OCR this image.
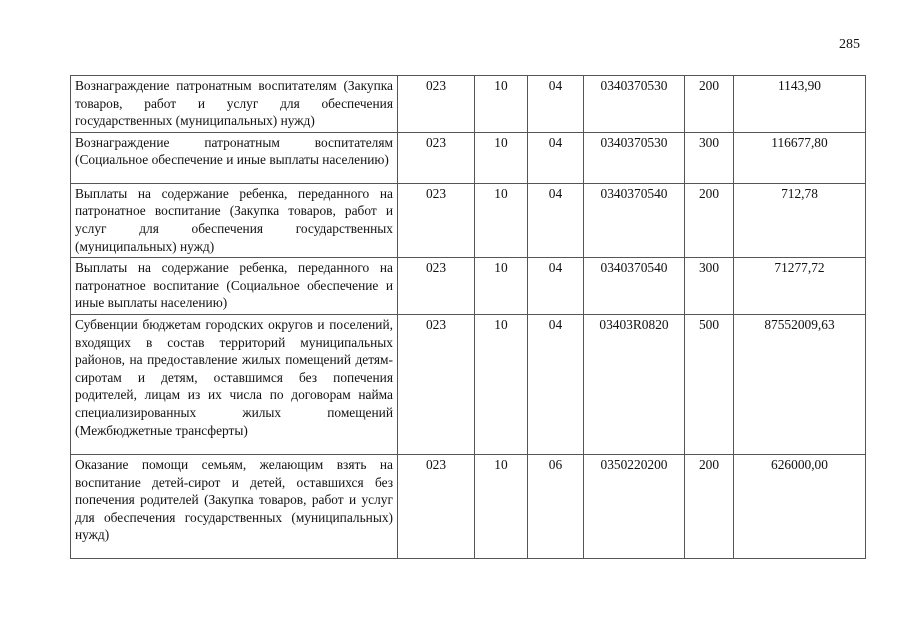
285
Вознаграждение патронатным воспитателям (Закупка товаров, работ и услуг для обеспечения государственных (муниципальных) нужд)	023	10	04	0340370530	200	1143,90
Вознаграждение патронатным воспитателям (Социальное обеспечение и иные выплаты населению)	023	10	04	0340370530	300	116677,80
Выплаты на содержание ребенка, переданного на патронатное воспитание (Закупка товаров, работ и услуг для обеспечения государственных (муниципальных) нужд)	023	10	04	0340370540	200	712,78
Выплаты на содержание ребенка, переданного на патронатное воспитание (Социальное обеспечение и иные выплаты населению)	023	10	04	0340370540	300	71277,72
Субвенции бюджетам городских округов и поселений, входящих в состав территорий муниципальных районов, на предоставление жилых помещений детям-сиротам и детям, оставшимся без попечения родителей, лицам из их числа по договорам найма специализированных жилых помещений (Межбюджетные трансферты)	023	10	04	03403R0820	500	87552009,63
Оказание помощи семьям, желающим взять на воспитание детей-сирот и детей, оставшихся без попечения родителей (Закупка товаров, работ и услуг для обеспечения государственных (муниципальных) нужд)	023	10	06	0350220200	200	626000,00
